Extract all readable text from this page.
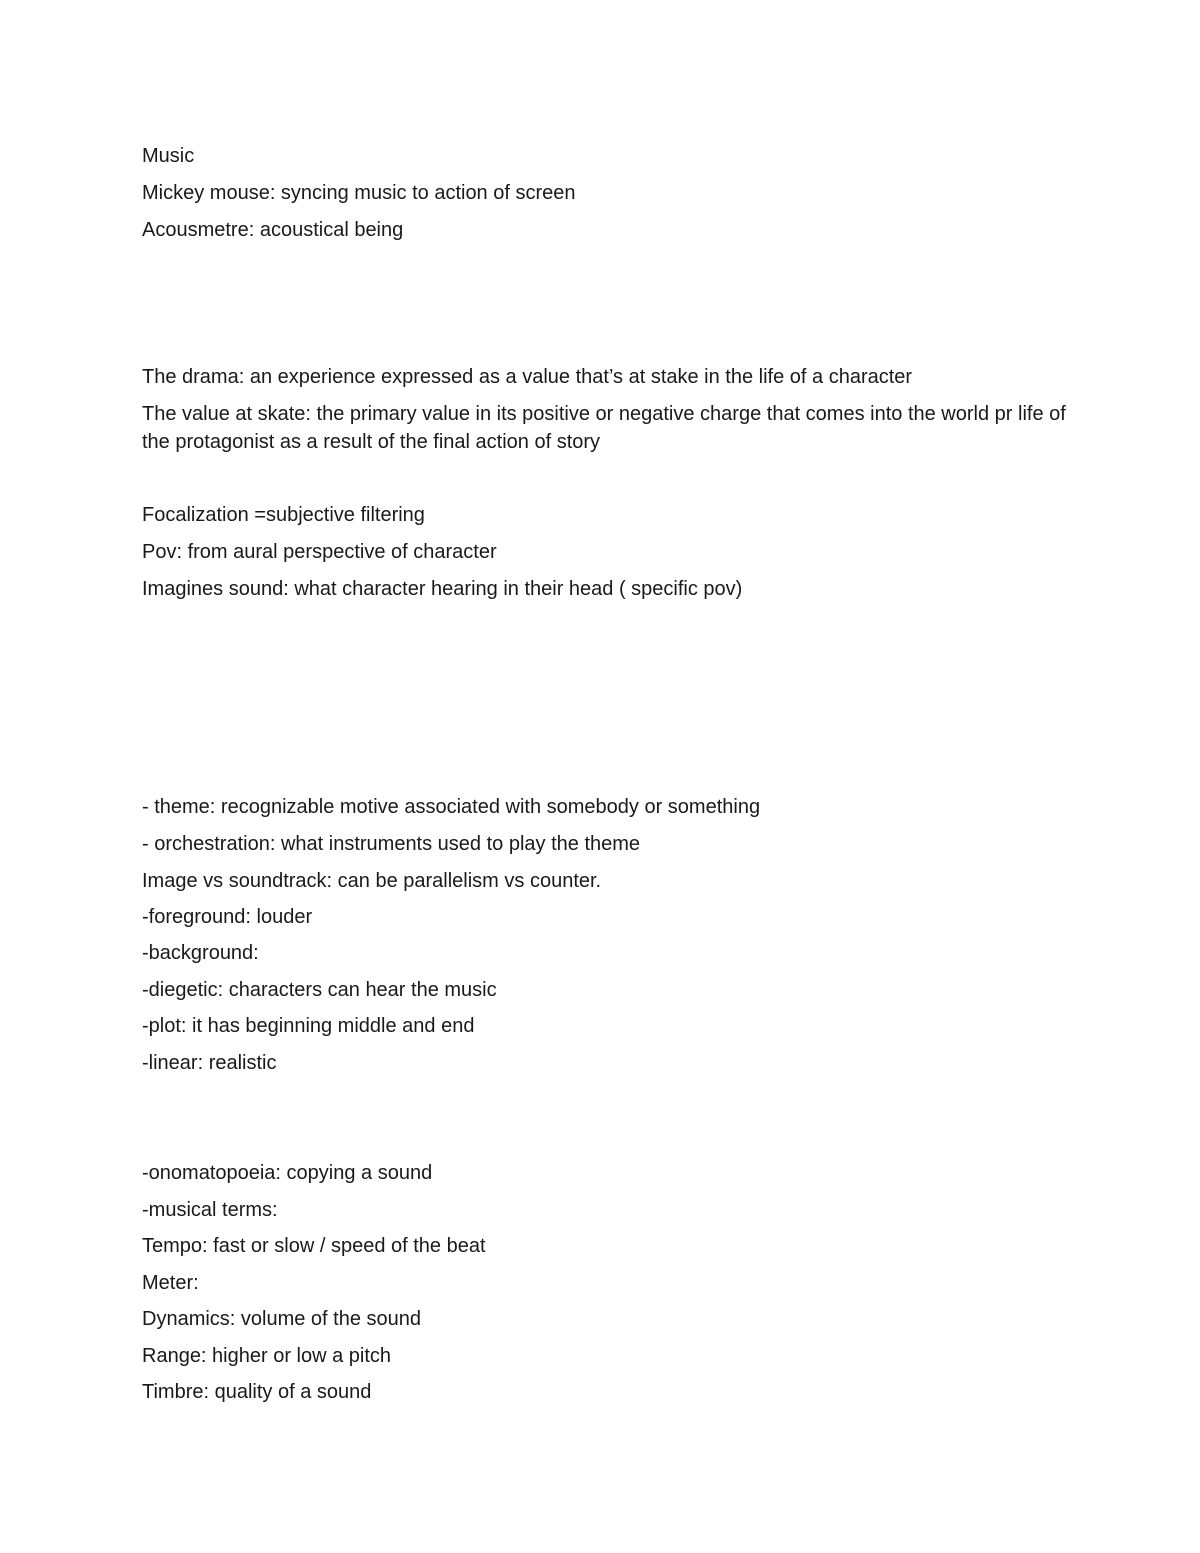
Music
Mickey mouse: syncing music to action of screen
Acousmetre: acoustical being
The drama: an experience expressed as a value that’s at stake in the life of a character
The value at skate: the primary value in its positive or negative charge that comes into the world pr life of the protagonist as a result of the final action of story
Focalization =subjective filtering
Pov: from aural perspective of character
Imagines sound: what character hearing in their head ( specific pov)
- theme: recognizable motive associated with somebody or something
- orchestration: what instruments used to play the theme
Image vs soundtrack: can be parallelism vs counter.
-foreground: louder
-background:
-diegetic: characters can hear the music
-plot: it has beginning middle and end
-linear: realistic
-onomatopoeia: copying a sound
-musical terms:
Tempo: fast or slow / speed of the beat
Meter:
Dynamics: volume of the sound
Range: higher or low a pitch
Timbre: quality of a sound
